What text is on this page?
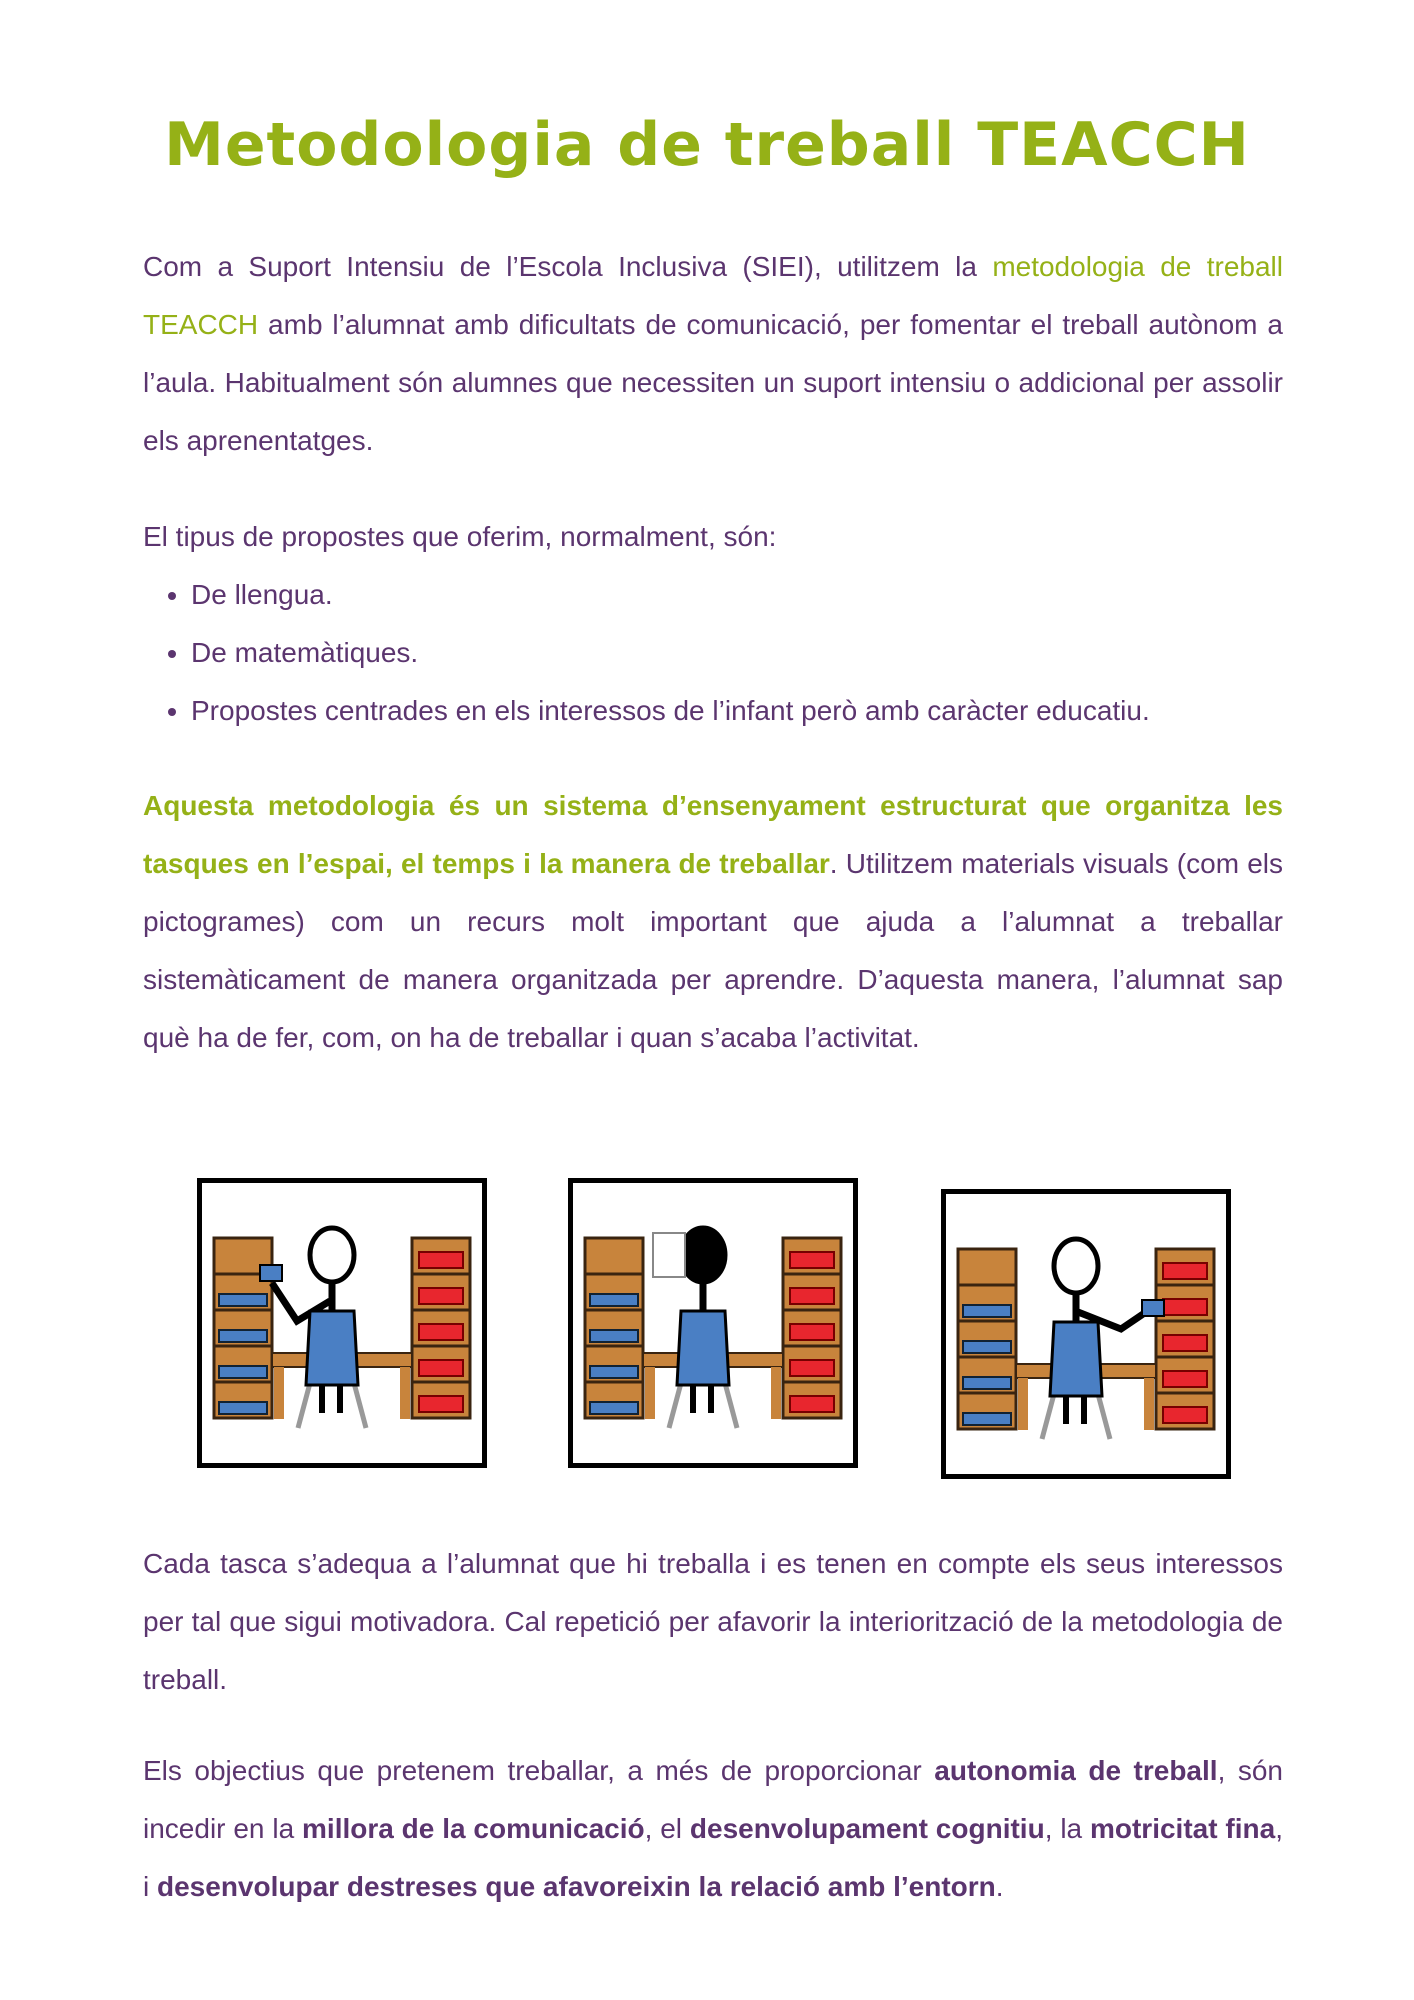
Metodologia de treball TEACCH

Com a Suport Intensiu de l’Escola Inclusiva (SIEI), utilitzem la metodologia de treball TEACCH amb l’alumnat amb dificultats de comunicació, per fomentar el treball autònom a l’aula. Habitualment són alumnes que necessiten un suport intensiu o addicional per assolir els aprenentatges.

El tipus de propostes que oferim, normalment, són:

• De llengua.
• De matemàtiques.
• Propostes centrades en els interessos de l’infant però amb caràcter educatiu.

Aquesta metodologia és un sistema d’ensenyament estructurat que organitza les tasques en l’espai, el temps i la manera de treballar. Utilitzem materials visuals (com els pictogrames) com un recurs molt important que ajuda a l’alumnat a treballar sistemàticament de manera organitzada per aprendre. D’aquesta manera, l’alumnat sap què ha de fer, com, on ha de treballar i quan s’acaba l’activitat.

Cada tasca s’adequa a l’alumnat que hi treballa i es tenen en compte els seus interessos per tal que sigui motivadora. Cal repetició per afavorir la interiorització de la metodologia de treball.

Els objectius que pretenem treballar, a més de proporcionar autonomia de treball, són incedir en la millora de la comunicació, el desenvolupament cognitiu, la motricitat fina, i desenvolupar destreses que afavoreixin la relació amb l’entorn.
